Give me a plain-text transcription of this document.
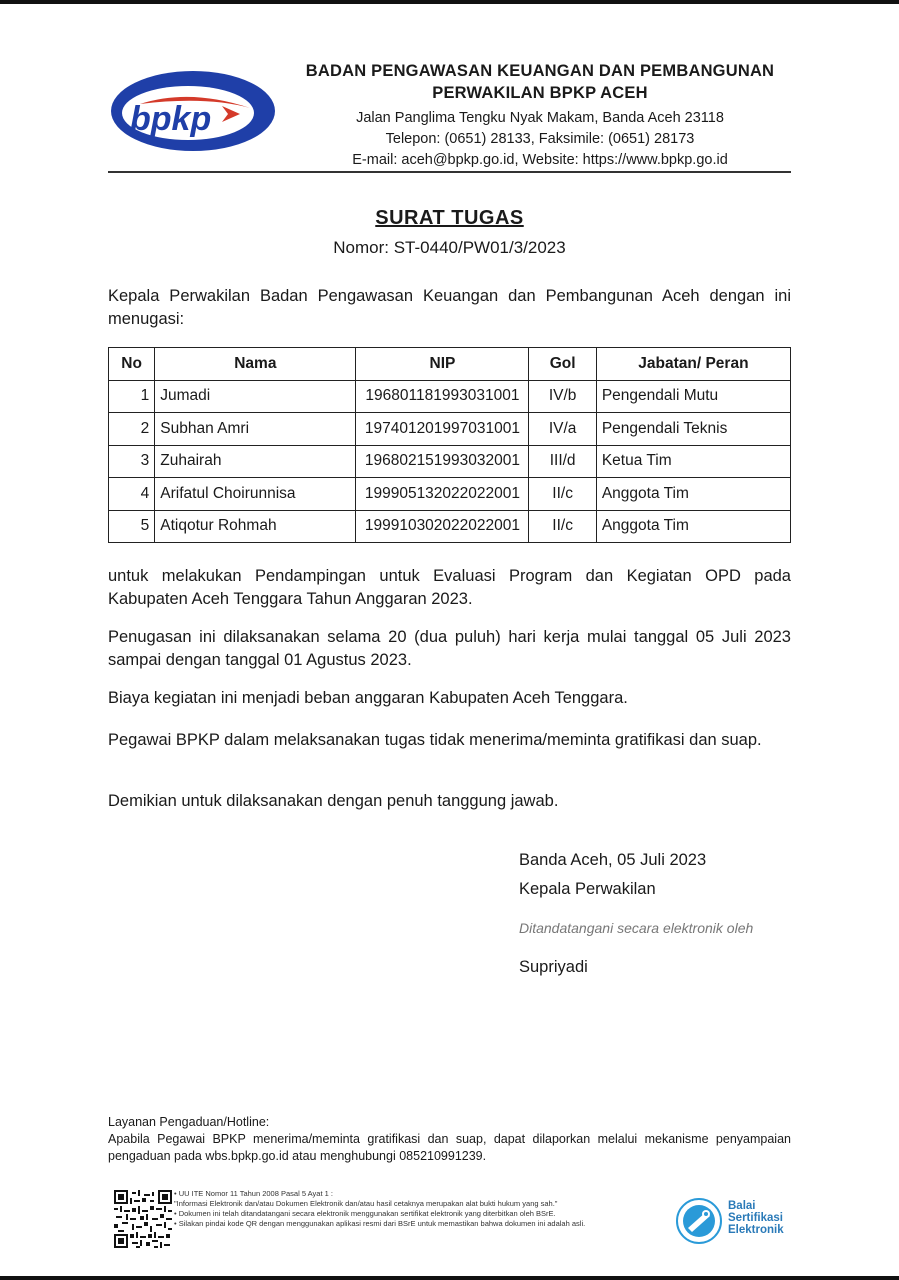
bpkp
BADAN PENGAWASAN KEUANGAN DAN PEMBANGUNAN
PERWAKILAN BPKP ACEH
Jalan Panglima Tengku Nyak Makam, Banda Aceh 23118
Telepon: (0651) 28133, Faksimile: (0651) 28173
E-mail: aceh@bpkp.go.id, Website: https://www.bpkp.go.id
SURAT TUGAS
Nomor: ST-0440/PW01/3/2023
Kepala Perwakilan Badan Pengawasan Keuangan dan Pembangunan Aceh dengan ini menugasi:
No	Nama	NIP	Gol	Jabatan/ Peran
1	Jumadi	196801181993031001	IV/b	Pengendali Mutu
2	Subhan Amri	197401201997031001	IV/a	Pengendali Teknis
3	Zuhairah	196802151993032001	III/d	Ketua Tim
4	Arifatul Choirunnisa	199905132022022001	II/c	Anggota Tim
5	Atiqotur Rohmah	199910302022022001	II/c	Anggota Tim
untuk melakukan Pendampingan untuk Evaluasi Program dan Kegiatan OPD pada Kabupaten Aceh Tenggara Tahun Anggaran 2023.
Penugasan ini dilaksanakan selama 20 (dua puluh) hari kerja mulai tanggal 05 Juli 2023 sampai dengan tanggal 01 Agustus 2023.
Biaya kegiatan ini menjadi beban anggaran Kabupaten Aceh Tenggara.
Pegawai BPKP dalam melaksanakan tugas tidak menerima/meminta gratifikasi dan suap.
Demikian untuk dilaksanakan dengan penuh tanggung jawab.
Banda Aceh, 05 Juli 2023
Kepala Perwakilan
Ditandatangani secara elektronik oleh
Supriyadi
Layanan Pengaduan/Hotline:
Apabila Pegawai BPKP menerima/meminta gratifikasi dan suap, dapat dilaporkan melalui mekanisme penyampaian pengaduan pada wbs.bpkp.go.id atau menghubungi 085210991239.
• UU ITE Nomor 11 Tahun 2008 Pasal 5 Ayat 1 :
"Informasi Elektronik dan/atau Dokumen Elektronik dan/atau hasil cetaknya merupakan alat bukti hukum yang sah."
• Dokumen ini telah ditandatangani secara elektronik menggunakan sertifikat elektronik yang diterbitkan oleh BSrE.
• Silakan pindai kode QR dengan menggunakan aplikasi resmi dari BSrE untuk memastikan bahwa dokumen ini adalah asli.
Balai
Sertifikasi
Elektronik
